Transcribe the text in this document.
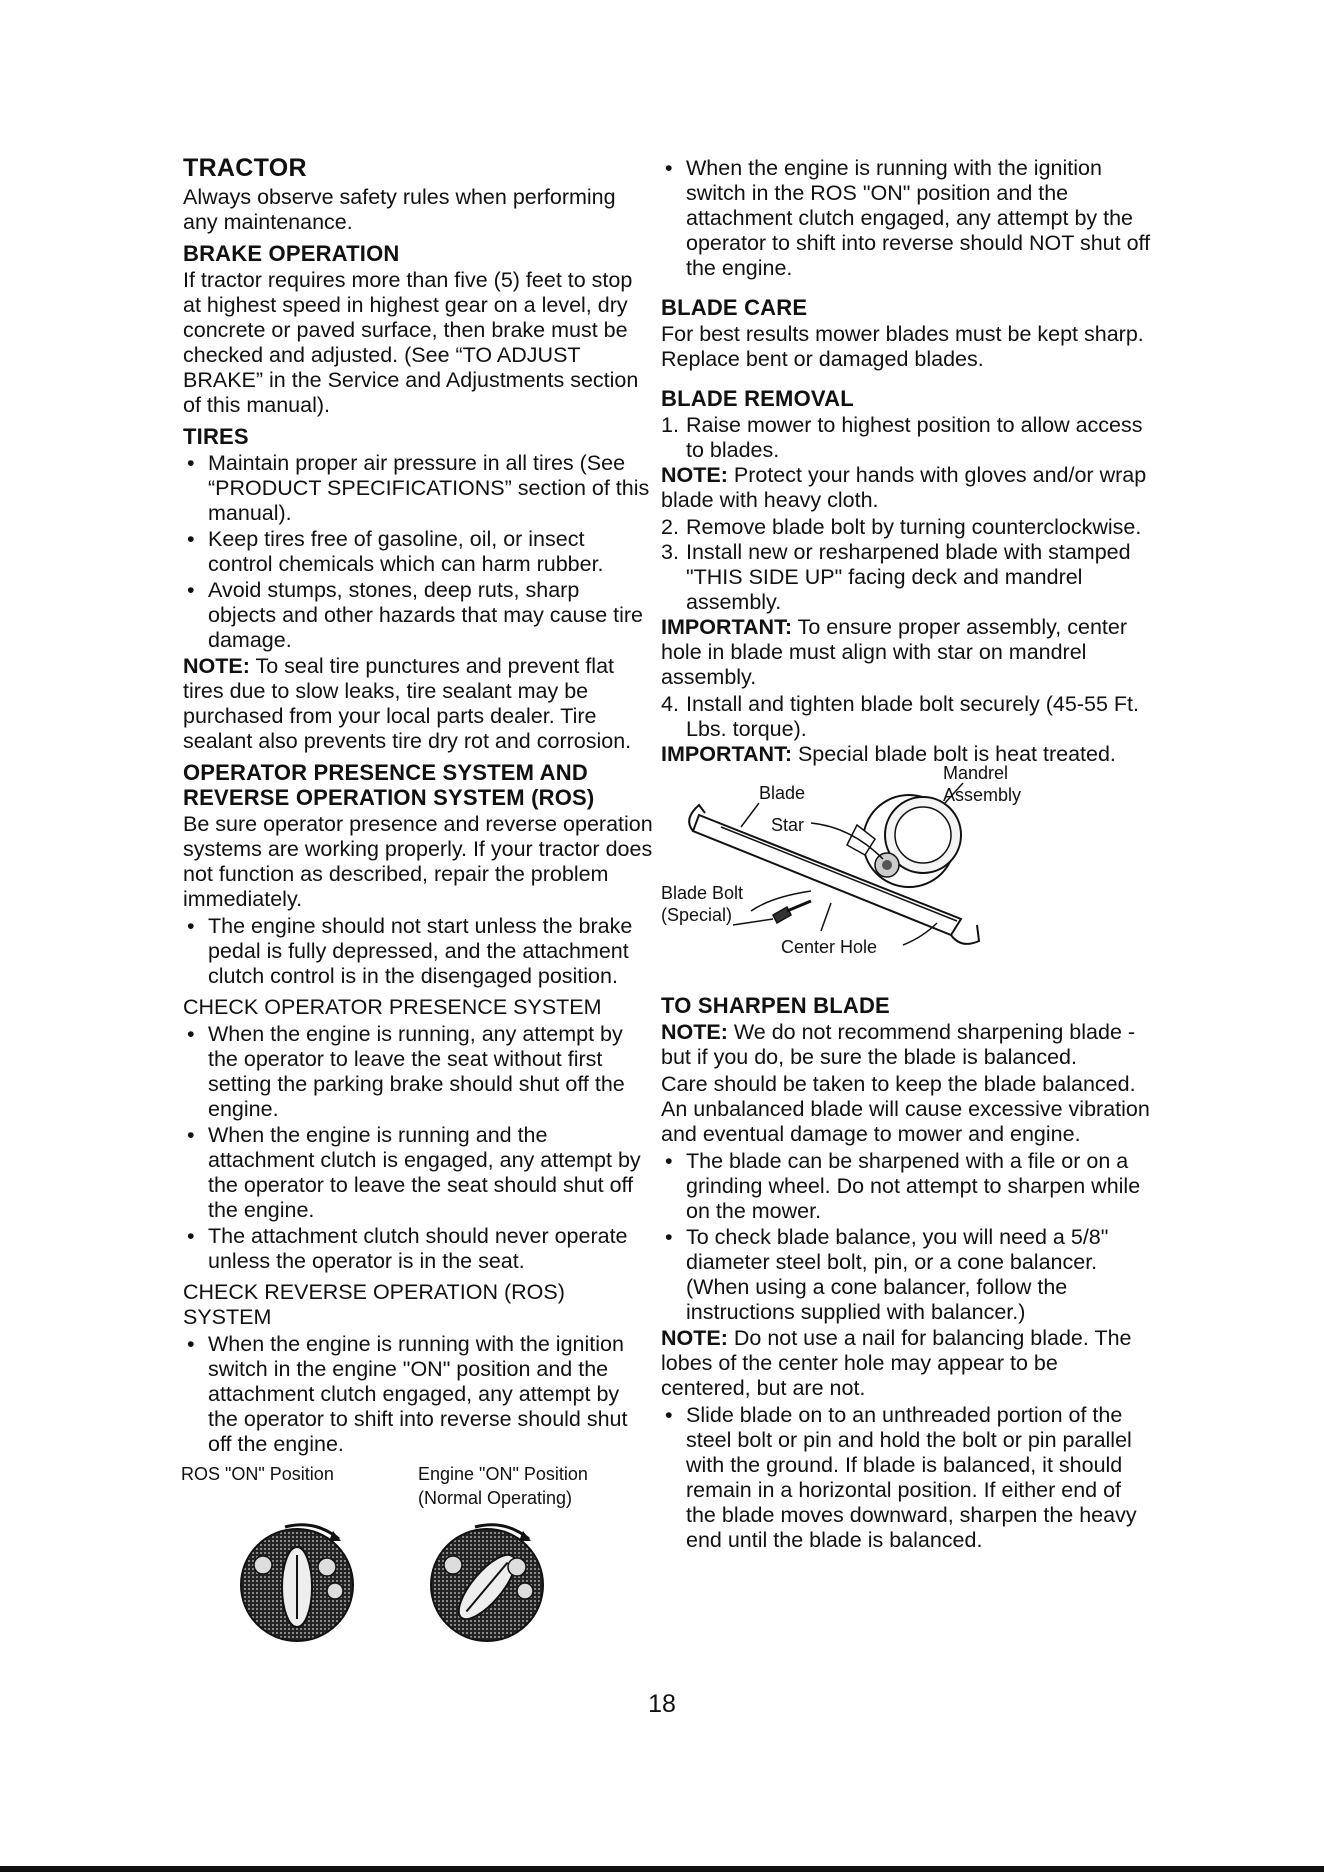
TRACTOR

Always observe safety rules when performing any maintenance.

BRAKE OPERATION

If tractor requires more than five (5) feet to stop at highest speed in highest gear on a level, dry concrete or paved surface, then brake must be checked and adjusted. (See “TO ADJUST BRAKE” in the Service and Adjustments section of this manual).

TIRES
• Maintain proper air pressure in all tires (See “PRODUCT SPECIFICATIONS” section of this manual).
• Keep tires free of gasoline, oil, or insect control chemicals which can harm rubber.
• Avoid stumps, stones, deep ruts, sharp objects and other hazards that may cause tire damage.

NOTE: To seal tire punctures and prevent flat tires due to slow leaks, tire sealant may be purchased from your local parts dealer. Tire sealant also prevents tire dry rot and corrosion.

OPERATOR PRESENCE SYSTEM AND REVERSE OPERATION SYSTEM (ROS)

Be sure operator presence and reverse operation systems are working properly. If your tractor does not function as described, repair the problem immediately.

• The engine should not start unless the brake pedal is fully depressed, and the attachment clutch control is in the disengaged position.

CHECK OPERATOR PRESENCE SYSTEM

• When the engine is running, any attempt by the operator to leave the seat without first setting the parking brake should shut off the engine.
• When the engine is running and the attachment clutch is engaged, any attempt by the operator to leave the seat should shut off the engine.
• The attachment clutch should never operate unless the operator is in the seat.

CHECK REVERSE OPERATION (ROS) SYSTEM

• When the engine is running with the ignition switch in the engine "ON" position and the attachment clutch engaged, any attempt by the operator to shift into reverse should shut off the engine.
ROS "ON" Position	Engine "ON" Position
(Normal Operating)
• When the engine is running with the ignition switch in the ROS "ON" position and the attachment clutch engaged, any attempt by the operator to shift into reverse should NOT shut off the engine.
BLADE CARE

For best results mower blades must be kept sharp. Replace bent or damaged blades.

BLADE REMOVAL
1. Raise mower to highest position to allow access to blades.

NOTE: Protect your hands with gloves and/or wrap blade with heavy cloth.

2. Remove blade bolt by turning counterclockwise.
3. Install new or resharpened blade with stamped "THIS SIDE UP" facing deck and mandrel assembly.

IMPORTANT: To ensure proper assembly, center hole in blade must align with star on mandrel assembly.

4. Install and tighten blade bolt securely (45-55 Ft. Lbs. torque).

IMPORTANT: Special blade bolt is heat treated.

Mandrel
Assembly
Blade
Star
Blade Bolt
(Special)
Center Hole
TO SHARPEN BLADE

NOTE: We do not recommend sharpening blade - but if you do, be sure the blade is balanced.

Care should be taken to keep the blade balanced. An unbalanced blade will cause excessive vibration and eventual damage to mower and engine.

• The blade can be sharpened with a file or on a grinding wheel. Do not attempt to sharpen while on the mower.
• To check blade balance, you will need a 5/8" diameter steel bolt, pin, or a cone balancer. (When using a cone balancer, follow the instructions supplied with balancer.)

NOTE: Do not use a nail for balancing blade. The lobes of the center hole may appear to be centered, but are not.

• Slide blade on to an unthreaded portion of the steel bolt or pin and hold the bolt or pin parallel with the ground. If blade is balanced, it should remain in a horizontal position. If either end of the blade moves downward, sharpen the heavy end until the blade is balanced.
18
